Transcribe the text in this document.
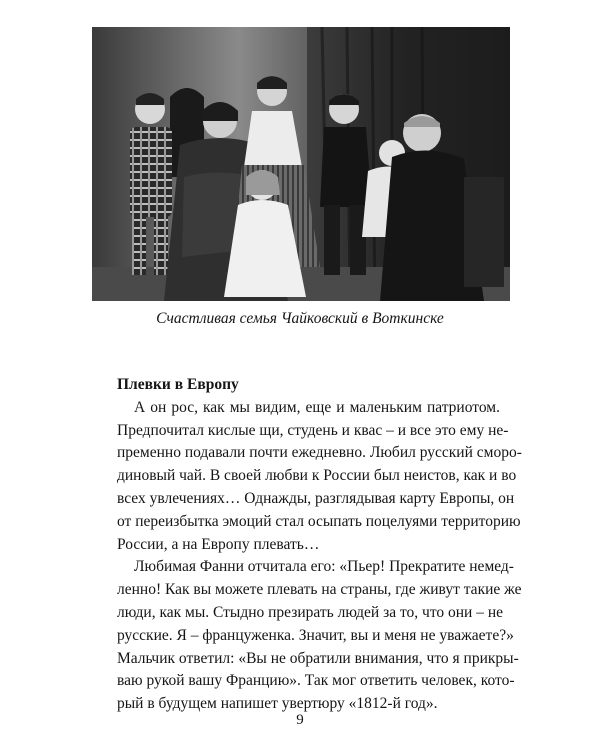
Счастливая семья Чайковский в Воткинске
Плевки в Европу
А он рос, как мы видим, еще и маленьким патриотом.
Предпочитал кислые щи, студень и квас – и все это ему не-
пременно подавали почти ежедневно. Любил русский сморо-
диновый чай. В своей любви к России был неистов, как и во
всех увлечениях… Однажды, разглядывая карту Европы, он
от переизбытка эмоций стал осыпать поцелуями территорию
России, а на Европу плевать…
Любимая Фанни отчитала его: «Пьер! Прекратите немед-
ленно! Как вы можете плевать на страны, где живут такие же
люди, как мы. Стыдно презирать людей за то, что они – не
русские. Я – француженка. Значит, вы и меня не уважаете?»
Мальчик ответил: «Вы не обратили внимания, что я прикры-
ваю рукой вашу Францию». Так мог ответить человек, кото-
рый в будущем напишет увертюру «1812-й год».
9
